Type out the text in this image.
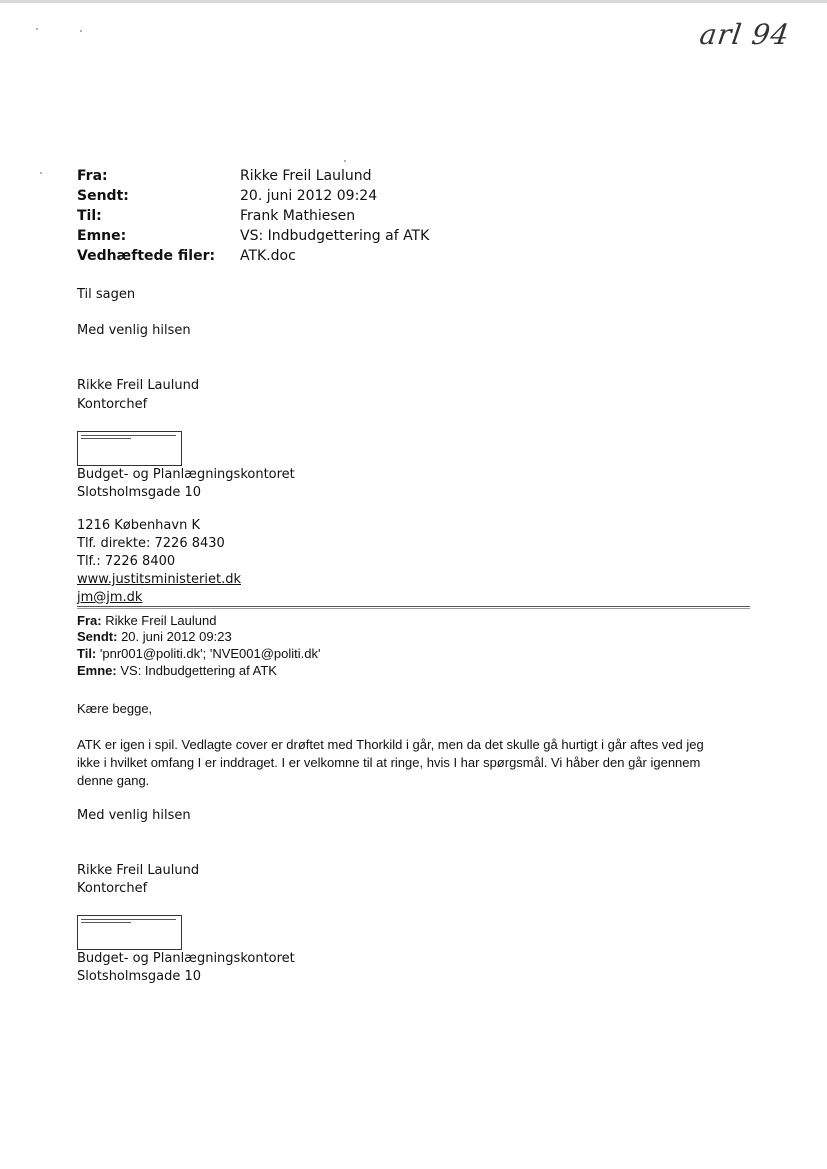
arl 94
Fra:	Rikke Freil Laulund
Sendt:	20. juni 2012 09:24
Til:	Frank Mathiesen
Emne:	VS: Indbudgettering af ATK
Vedhæftede filer: ATK.doc
Til sagen
Med venlig hilsen
Rikke Freil Laulund
Kontorchef
Budget- og Planlægningskontoret
Slotsholmsgade 10
1216 København K
Tlf. direkte: 7226 8430
Tlf.: 7226 8400
www.justitsministeriet.dk
jm@jm.dk
Fra: Rikke Freil Laulund
Sendt: 20. juni 2012 09:23
Til: 'pnr001@politi.dk'; 'NVE001@politi.dk'
Emne: VS: Indbudgettering af ATK
Kære begge,
ATK er igen i spil. Vedlagte cover er drøftet med Thorkild i går, men da det skulle gå hurtigt i går aftes ved jeg
ikke i hvilket omfang I er inddraget. I er velkomne til at ringe, hvis I har spørgsmål. Vi håber den går igennem
denne gang.
Med venlig hilsen
Rikke Freil Laulund
Kontorchef
Budget- og Planlægningskontoret
Slotsholmsgade 10
